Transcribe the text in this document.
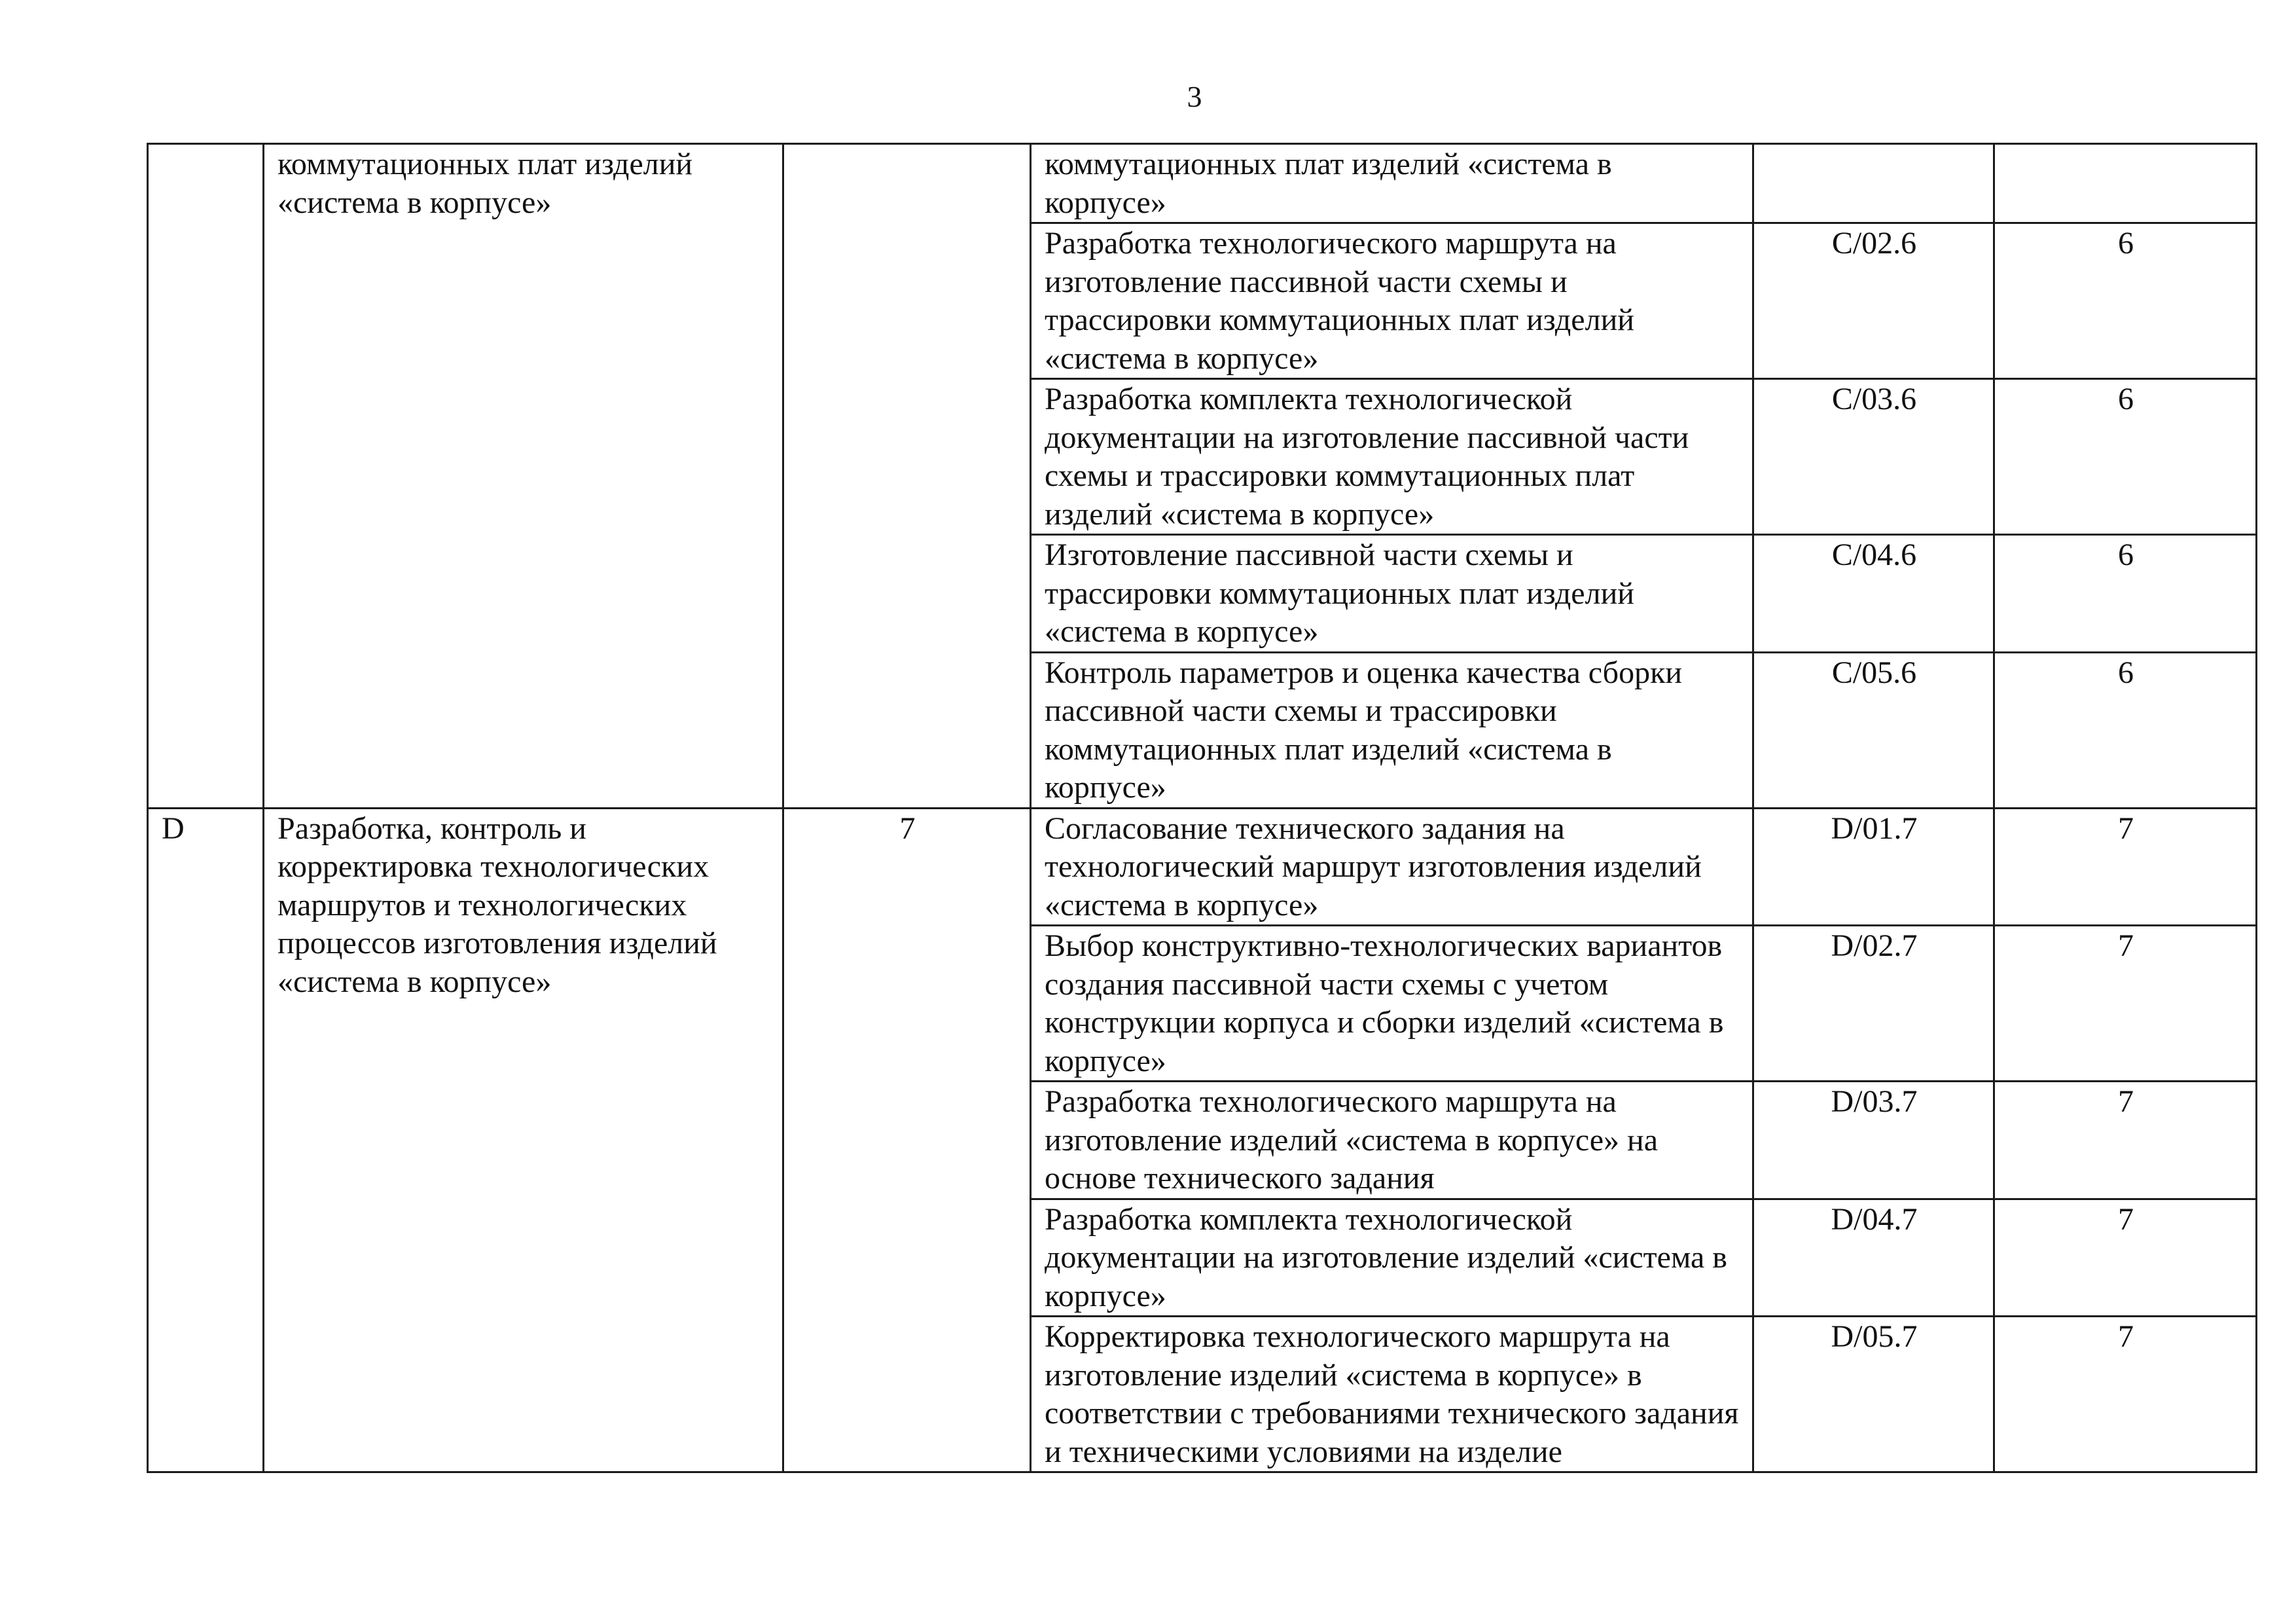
3

	коммутационных плат изделий «система в корпусе»		коммутационных плат изделий «система в корпусе»		
			Разработка технологического маршрута на изготовление пассивной части схемы и трассировки коммутационных плат изделий «система в корпусе»	C/02.6	6
			Разработка комплекта технологической документации на изготовление пассивной части схемы и трассировки коммутационных плат изделий «система в корпусе»	C/03.6	6
			Изготовление пассивной части схемы и трассировки коммутационных плат изделий «система в корпусе»	C/04.6	6
			Контроль параметров и оценка качества сборки пассивной части схемы и трассировки коммутационных плат изделий «система в корпусе»	C/05.6	6
D	Разработка, контроль и корректировка технологических маршрутов и технологических процессов изготовления изделий «система в корпусе»	7	Согласование технического задания на технологический маршрут изготовления изделий «система в корпусе»	D/01.7	7
			Выбор конструктивно-технологических вариантов создания пассивной части схемы с учетом конструкции корпуса и сборки изделий «система в корпусе»	D/02.7	7
			Разработка технологического маршрута на изготовление изделий «система в корпусе» на основе технического задания	D/03.7	7
			Разработка комплекта технологической документации на изготовление изделий «система в корпусе»	D/04.7	7
			Корректировка технологического маршрута на изготовление изделий «система в корпусе» в соответствии с требованиями технического задания и техническими условиями на изделие	D/05.7	7
